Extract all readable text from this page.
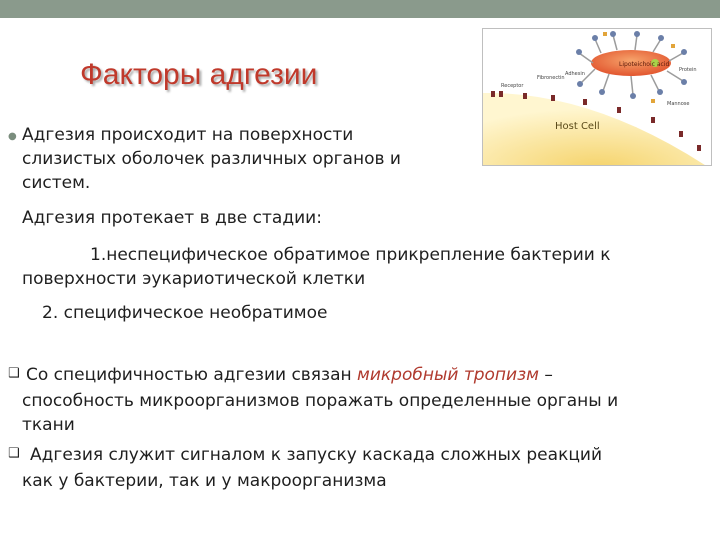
Факторы адгезии	Lipoteichoic acid
Host Cell
Adhesin
Receptor
Fibronectin
Protein
Mannose
● Адгезия происходит на поверхности
слизистых оболочек различных органов и
систем.
Адгезия протекает в две стадии:
1.неспецифическое обратимое прикрепление бактерии к
поверхности эукариотической клетки
2. специфическое необратимое
❑ Со специфичностью адгезии связан микробный тропизм –
способность микроорганизмов поражать определенные органы и
ткани
❑ Адгезия служит сигналом к запуску каскада сложных реакций
как у бактерии, так и у макроорганизма
